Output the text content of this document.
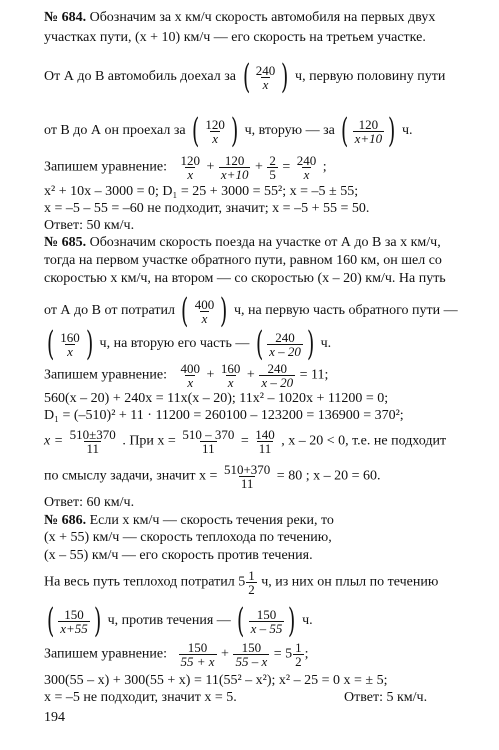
№ 684. Обозначим за x км/ч скорость автомобиля на первых двух
участках пути, (x + 10) км/ч — его скорость на третьем участке.
От А до В автомобиль доехал за ( $\frac{240}{x}$ ) ч, первую половину пути
от В до А он проехал за ( $\frac{120}{x}$ ) ч, вторую — за ( $\frac{120}{x+10}$ ) ч.
Запишем уравнение: $\frac{120}{x} + \frac{120}{x+10} + \frac{2}{5} = \frac{240}{x}$ ;
x² + 10x – 3000 = 0; D₁ = 25 + 3000 = 55²; x = –5 ± 55;
x = –5 – 55 = –60 не подходит, значит; x = –5 + 55 = 50.
Ответ: 50 км/ч.
№ 685. Обозначим скорость поезда на участке от А до В за x км/ч,
тогда на первом участке обратного пути, равном 160 км, он шел со
скоростью x км/ч, на втором — со скоростью (x – 20) км/ч. На путь
от А до В от потратил ( $\frac{400}{x}$ ) ч, на первую часть обратного пути —
( $\frac{160}{x}$ ) ч, на вторую его часть — ( $\frac{240}{x - 20}$ ) ч.
Запишем уравнение: $\frac{400}{x} + \frac{160}{x} + \frac{240}{x - 20} = 11$;
560(x – 20) + 240x = 11x(x – 20); 11x² – 1020x + 11200 = 0;
D₁ = (–510)² + 11 · 11200 = 260100 – 123200 = 136900 = 370²;
$x = \frac{510\pm 370}{11}$ . При $x = \frac{510 - 370}{11} = \frac{140}{11}$ , x – 20 < 0, т.е. не подходит
по смыслу задачи, значит $x = \frac{510+370}{11} = 80$ ; x – 20 = 60.
Ответ: 60 км/ч.
№ 686. Если x км/ч — скорость течения реки, то
(x + 55) км/ч — скорость теплохода по течению,
(x – 55) км/ч — его скорость против течения.
На весь путь теплоход потратил $5 \frac{1}{2} ч$, из них он плыл по течению
( $\frac{150}{x+55}$ ) ч, против течения — ( $\frac{150}{x - 55}$ ) ч.
Запишем уравнение: $\frac{150}{55 + x} + \frac{150}{55 - x} = 5 \frac{1}{2}$ ;
300(55 – x) + 300(55 + x) = 11(55² – x²); x² – 25 = 0 x = ± 5;
x = –5 не подходит, значит x = 5.	Ответ: 5 км/ч.
194
